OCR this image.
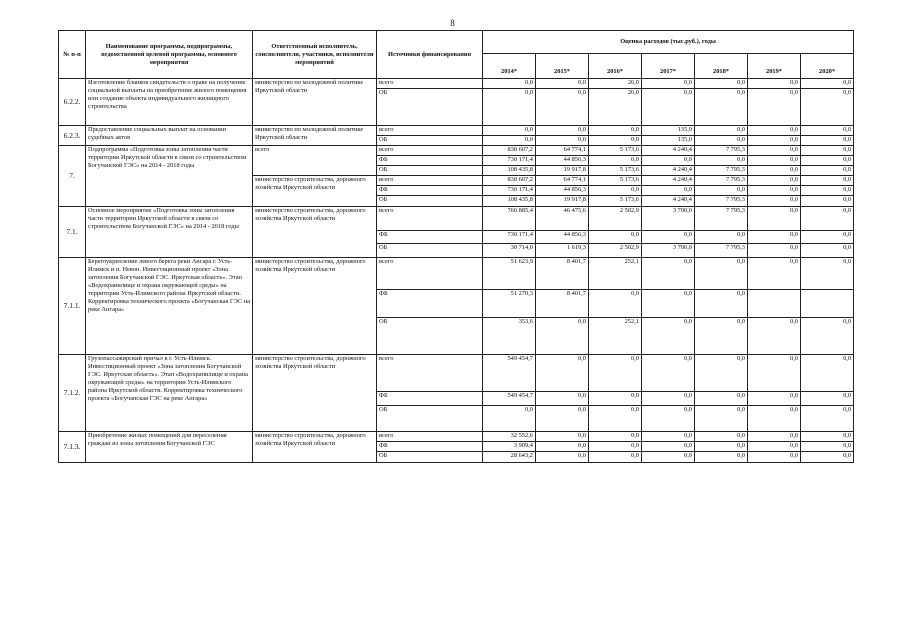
8
№ п-п	Наименование программы, подпрограммы, ведомственной целевой программы, основного мероприятия	Ответственный исполнитель, соисполнители, участники, исполнители мероприятий	Источники финансирования	Оценка расходов (тыс.руб.), годы						
				2014*	2015*	2016*	2017*	2018*	2019*	2020*
6.2.2.	Изготовление бланков свидетельств о праве на получение социальной выплаты на приобретение жилого помещения или создание объекта индивидуального жилищного строительства	министерство по молодежной политике Иркутской области	всего	0,0	0,0	26,0	0,0	0,0	0,0	0,0
			ОБ	0,0	0,0	26,0	0,0	0,0	0,0	0,0
6.2.3.	Предоставление социальных выплат на основании судебных актов	министерство по молодежной политике Иркутской области	всего	0,0	0,0	0,0	135,0	0,0	0,0	0,0
			ОБ	0,0	0,0	0,0	135,0	0,0	0,0	0,0
7.	Подпрограмма «Подготовка зоны затопления части территории Иркутской области в связи со строительством Богучанской ГЭС» на 2014 - 2018 годы	всего	всего	838 607,2	64 774,1	5 173,6	4 240,4	7 795,3	0,0	0,0
			ФБ	730 171,4	44 856,3	0,0	0,0	0,0	0,0	0,0
			ОБ	108 435,8	19 917,8	5 173,6	4 240,4	7 795,3	0,0	0,0
		министерство строительства, дорожного хозяйства Иркутской области	всего	838 607,2	64 774,1	5 173,6	4 240,4	7 795,3	0,0	0,0
			ФБ	730 171,4	44 856,3	0,0	0,0	0,0	0,0	0,0
			ОБ	108 435,8	19 917,8	5 173,6	4 240,4	7 795,3	0,0	0,0
7.1.	Основное мероприятие «Подготовка зоны затопления части территории Иркутской области в связи со строительством Богучанской ГЭС» на 2014 - 2018 годы	министерство строительства, дорожного хозяйства Иркутской области	всего	760 885,4	46 475,6	2 502,9	3 700,0	7 795,3	0,0	0,0
			ФБ	730 171,4	44 856,3	0,0	0,0	0,0	0,0	0,0
			ОБ	30 714,0	1 619,3	2 502,9	3 700,0	7 795,3	0,0	0,0
7.1.1.	Берегоукрепление левого берега реки Ангара г. Усть-Илимск и п. Невон. Инвестиционный проект «Зона затопления Богучанской ГЭС. Иркутская область». Этап «Водохранилище и охрана окружающей среды» на территории Усть-Илимского района Иркутской области. Корректировка технического проекта «Богучанская ГЭС на реке Ангара»	министерство строительства, дорожного хозяйства Иркутской области	всего	51 623,9	8 401,7	252,1	0,0	0,0	0,0	0,0
			ФБ	51 270,3	8 401,7	0,0	0,0	0,0		
			ОБ	353,6	0,0	252,1	0,0	0,0	0,0	0,0
7.1.2.	Грузопассажирский причал в г. Усть-Илимск. Инвестиционный проект «Зона затопления Богучанской ГЭС. Иркутская область». Этап «Водохранилище и охрана окружающей среды» на территории Усть-Илимского района Иркутской области. Корректировка технического проекта «Богучанская ГЭС на реке Ангара»	министерство строительства, дорожного хозяйства Иркутской области	всего	549 454,7	0,0	0,0	0,0	0,0	0,0	0,0
			ФБ	549 454,7	0,0	0,0	0,0	0,0	0,0	0,0
			ОБ	0,0	0,0	0,0	0,0	0,0	0,0	0,0
7.1.3.	Приобретение жилых помещений для переселения граждан из зоны затопления Богучанской ГЭС	министерство строительства, дорожного хозяйства Иркутской области	всего	32 552,6	0,0	0,0	0,0	0,0	0,0	0,0
			ФБ	3 909,4	0,0	0,0	0,0	0,0	0,0	0,0
			ОБ	28 643,2	0,0	0,0	0,0	0,0	0,0	0,0
